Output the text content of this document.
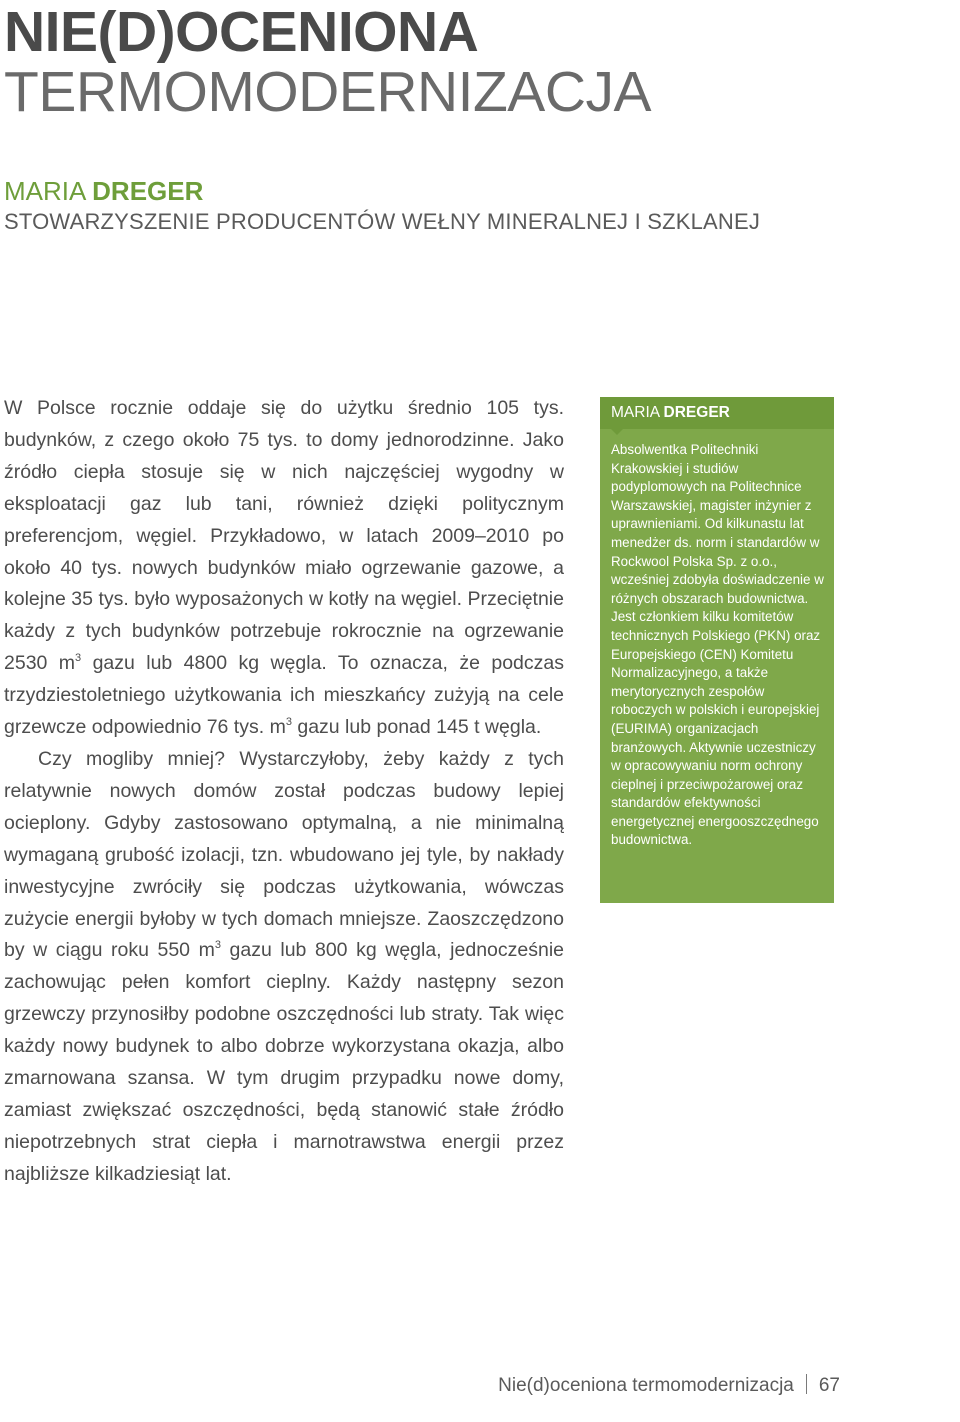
NIE(D)OCENIONA
TERMOMODERNIZACJA
MARIA DREGER
STOWARZYSZENIE PRODUCENTÓW WEŁNY MINERALNEJ I SZKLANEJ

W Polsce rocznie oddaje się do użytku średnio 105 tys. budynków, z czego około 75 tys. to domy jednorodzinne. Jako źródło ciepła stosuje się w nich najczęściej wygodny w eksploatacji gaz lub tani, również dzięki politycznym preferencjom, węgiel. Przykładowo, w latach 2009–2010 po około 40 tys. nowych budynków miało ogrzewanie gazowe, a kolejne 35 tys. było wyposażonych w kotły na węgiel. Przeciętnie każdy z tych budynków potrzebuje rokrocznie na ogrzewanie 2530 $m^3$ gazu lub 4800 kg węgla. To oznacza, że podczas trzydziestoletniego użytkowania ich mieszkańcy zużyją na cele grzewcze odpowiednio 76 tys. $m^3$ gazu lub ponad 145 t węgla.

Czy mogliby mniej? Wystarczyłoby, żeby każdy z tych relatywnie nowych domów został podczas budowy lepiej ocieplony. Gdyby zastosowano optymalną, a nie minimalną wymaganą grubość izolacji, tzn. wbudowano jej tyle, by nakłady inwestycyjne zwróciły się podczas użytkowania, wówczas zużycie energii byłoby w tych domach mniejsze. Zaoszczędzono by w ciągu roku 550 $m^3$ gazu lub 800 kg węgla, jednocześnie zachowując pełen komfort cieplny. Każdy następny sezon grzewczy przynosiłby podobne oszczędności lub straty. Tak więc każdy nowy budynek to albo dobrze wykorzystana okazja, albo zmarnowana szansa. W tym drugim przypadku nowe domy, zamiast zwiększać oszczędności, będą stanowić stałe źródło niepotrzebnych strat ciepła i marnotrawstwa energii przez najbliższe kilkadziesiąt lat.

MARIA DREGER

Absolwentka Politechniki Krakowskiej i studiów podyplomowych na Politechnice Warszawskiej, magister inżynier z uprawnieniami. Od kilkunastu lat menedżer ds. norm i standardów w Rockwool Polska Sp. z o.o., wcześniej zdobyła doświadczenie w różnych obszarach budownictwa.

Jest członkiem kilku komitetów technicznych Polskiego (PKN) oraz Europejskiego (CEN) Komitetu Normalizacyjnego, a także merytorycznych zespołów roboczych w polskich i europejskiej (EURIMA) organizacjach branżowych. Aktywnie uczestniczy w opracowywaniu norm ochrony cieplnej i przeciwpożarowej oraz standardów efektywności energetycznej energooszczędnego budownictwa.

Nie(d)oceniona termomodernizacja 67
